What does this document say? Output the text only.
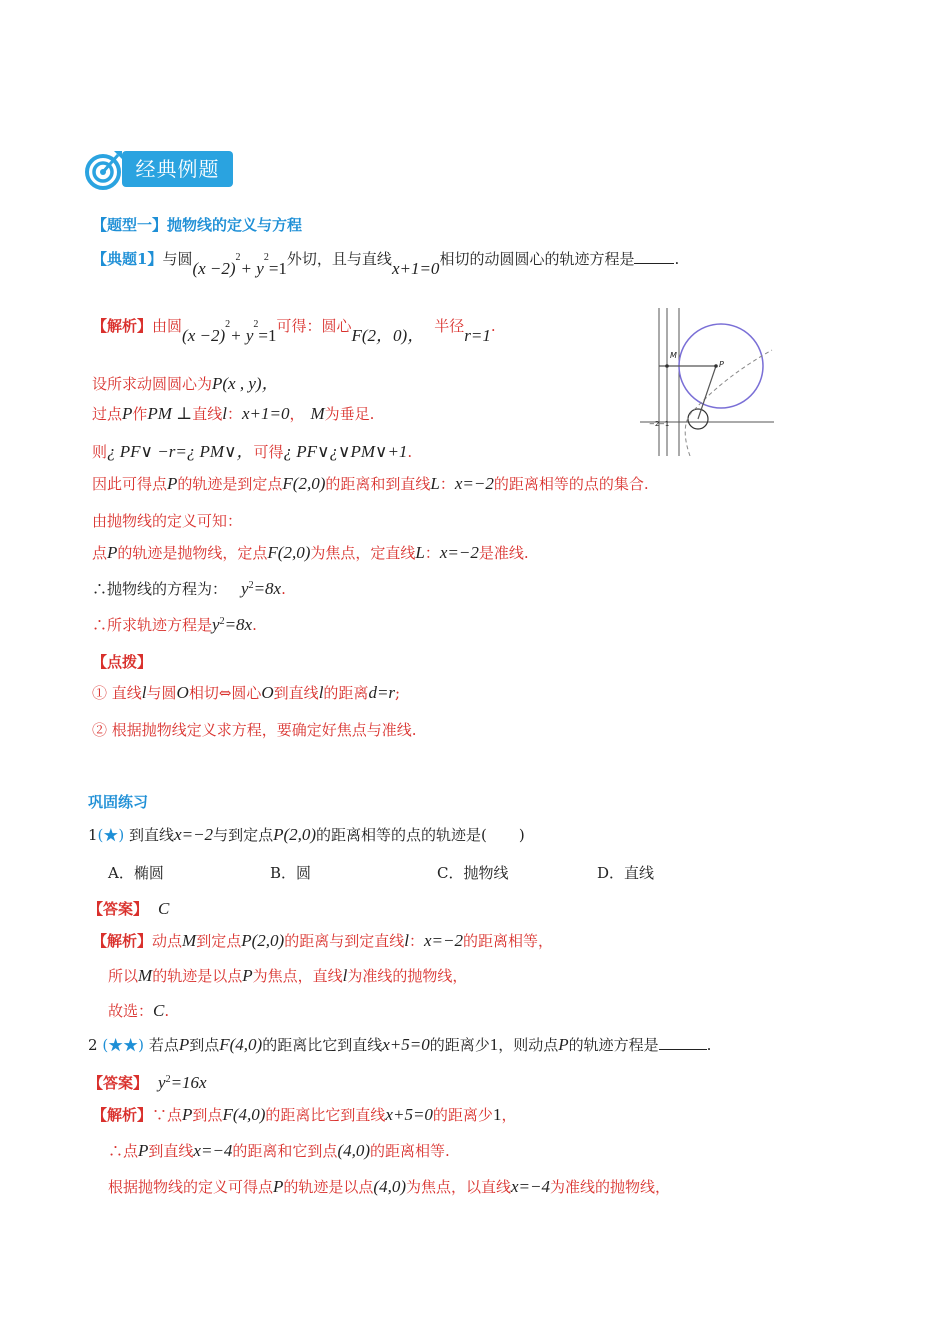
经典例题
【题型一】抛物线的定义与方程
【典题1】与圆$(x -2)^2+ y^2=1$外切，且与直线x+1=0相切的动圆圆心的轨迹方程是	.
【解析】由圆$(x -2)^2+ y^2=1$可得：圆心F(2，0)， 半径r=1.
设所求动圆圆心为P(x , y)，
过点P作PM ⊥直线l：x+1=0， M为垂足.
则¿ PF∨ −r=¿ PM∨，可得¿ PF∨¿∨PM∨+1.
因此可得点P的轨迹是到定点F(2,0)的距离和到直线L：x=−2的距离相等的点的集合.
由抛物线的定义可知：
点P的轨迹是抛物线，定点F(2,0)为焦点，定直线L：x=−2是准线.
∴抛物线的方程为： $y^2=8x$.
∴所求轨迹方程是$y^2=8x$.
【点拨】
① 直线l与圆O相切⇔圆心O到直线l的距离d=r;
② 根据抛物线定义求方程，要确定好焦点与准线.
M
P
−2 −1
巩固练习
1(★) 到直线x=−2与到定点P(2,0)的距离相等的点的轨迹是( )
A．椭圆	B．圆	C．抛物线	D．直线
【答案】 C
【解析】动点M到定点P(2,0)的距离与到定直线l：x=−2的距离相等，
所以M的轨迹是以点P为焦点，直线l为准线的抛物线，
故选：C.
2 (★★) 若点P到点F(4,0)的距离比它到直线x+5=0的距离少1，则动点P的轨迹方程是	.
【答案】 $y^2=16x$
【解析】∵点P到点F(4,0)的距离比它到直线x+5=0的距离少1，
∴点P到直线x=−4的距离和它到点(4,0)的距离相等.
根据抛物线的定义可得点P的轨迹是以点(4,0)为焦点，以直线x=−4为准线的抛物线，
